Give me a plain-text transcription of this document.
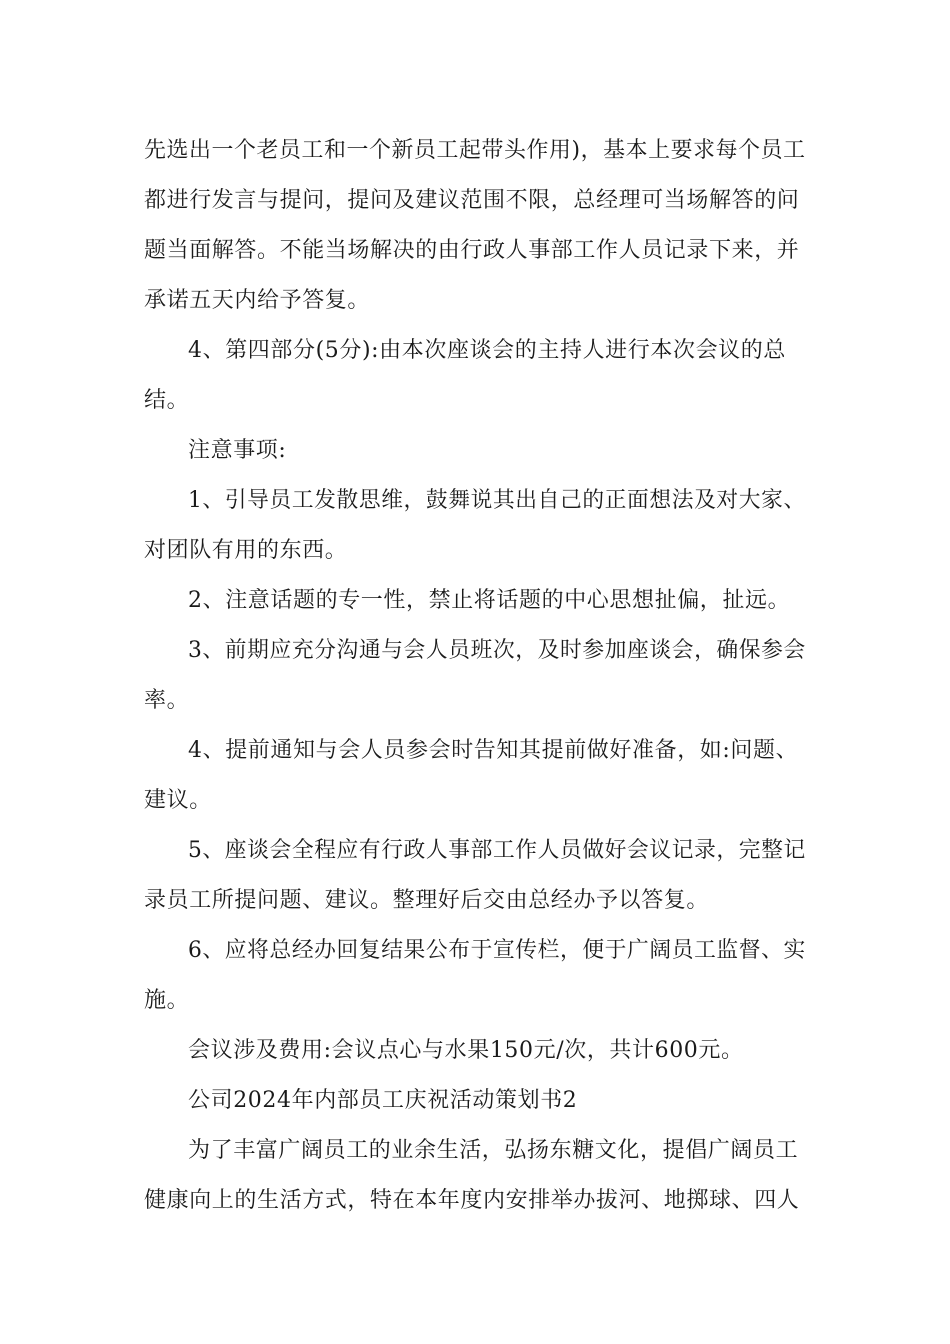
先选出一个老员工和一个新员工起带头作用)，基本上要求每个员工
都进行发言与提问，提问及建议范围不限，总经理可当场解答的问
题当面解答。不能当场解决的由行政人事部工作人员记录下来，并
承诺五天内给予答复。
4、第四部分(5分):由本次座谈会的主持人进行本次会议的总
结。
注意事项:
1、引导员工发散思维，鼓舞说其出自己的正面想法及对大家、
对团队有用的东西。
2、注意话题的专一性，禁止将话题的中心思想扯偏，扯远。
3、前期应充分沟通与会人员班次，及时参加座谈会，确保参会
率。
4、提前通知与会人员参会时告知其提前做好准备，如:问题、
建议。
5、座谈会全程应有行政人事部工作人员做好会议记录，完整记
录员工所提问题、建议。整理好后交由总经办予以答复。
6、应将总经办回复结果公布于宣传栏，便于广阔员工监督、实
施。
会议涉及费用:会议点心与水果150元/次，共计600元。
公司2024年内部员工庆祝活动策划书2
为了丰富广阔员工的业余生活，弘扬东糖文化，提倡广阔员工
健康向上的生活方式，特在本年度内安排举办拔河、地掷球、四人
